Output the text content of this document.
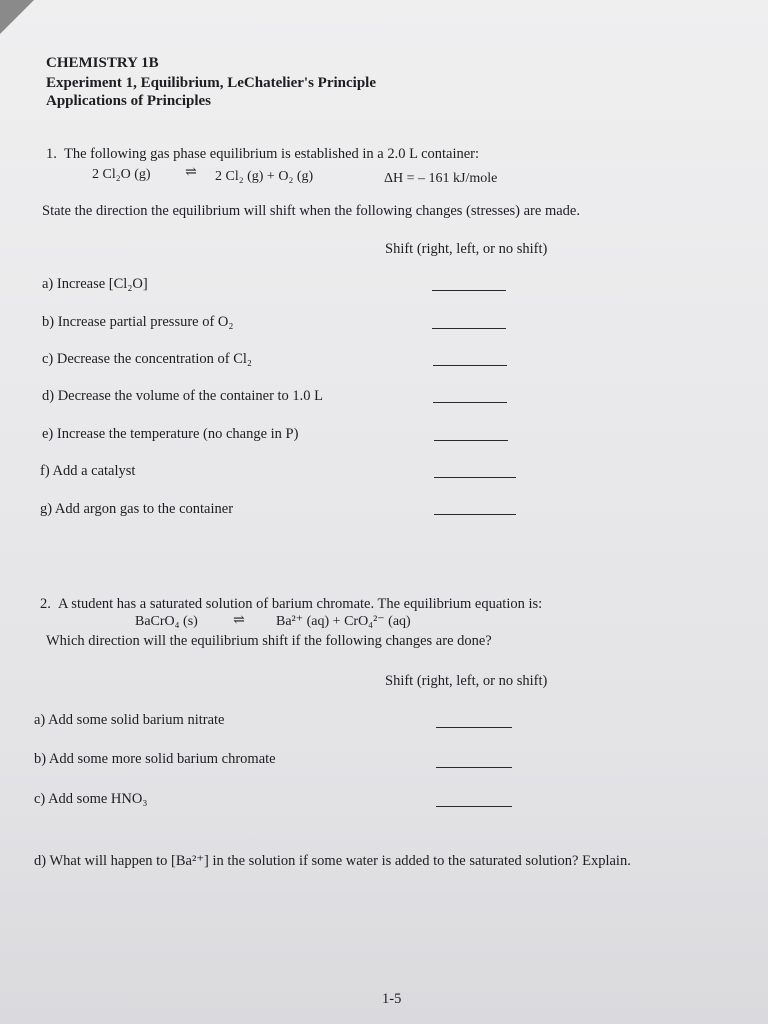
CHEMISTRY 1B
Experiment 1, Equilibrium, LeChatelier's Principle
Applications of Principles
1. The following gas phase equilibrium is established in a 2.0 L container:
2 Cl₂O (g)	⇌	2 Cl₂ (g) + O₂ (g)	ΔH = – 161 kJ/mole
State the direction the equilibrium will shift when the following changes (stresses) are made.
Shift (right, left, or no shift)
a) Increase [Cl₂O]
b) Increase partial pressure of O₂
c) Decrease the concentration of Cl₂
d) Decrease the volume of the container to 1.0 L
e) Increase the temperature (no change in P)
f) Add a catalyst
g) Add argon gas to the container
2. A student has a saturated solution of barium chromate. The equilibrium equation is:
BaCrO₄ (s)	⇌	Ba²⁺ (aq) + CrO₄²⁻ (aq)
Which direction will the equilibrium shift if the following changes are done?
Shift (right, left, or no shift)
a) Add some solid barium nitrate
b) Add some more solid barium chromate
c) Add some HNO₃
d) What will happen to [Ba²⁺] in the solution if some water is added to the saturated solution? Explain.
1-5
